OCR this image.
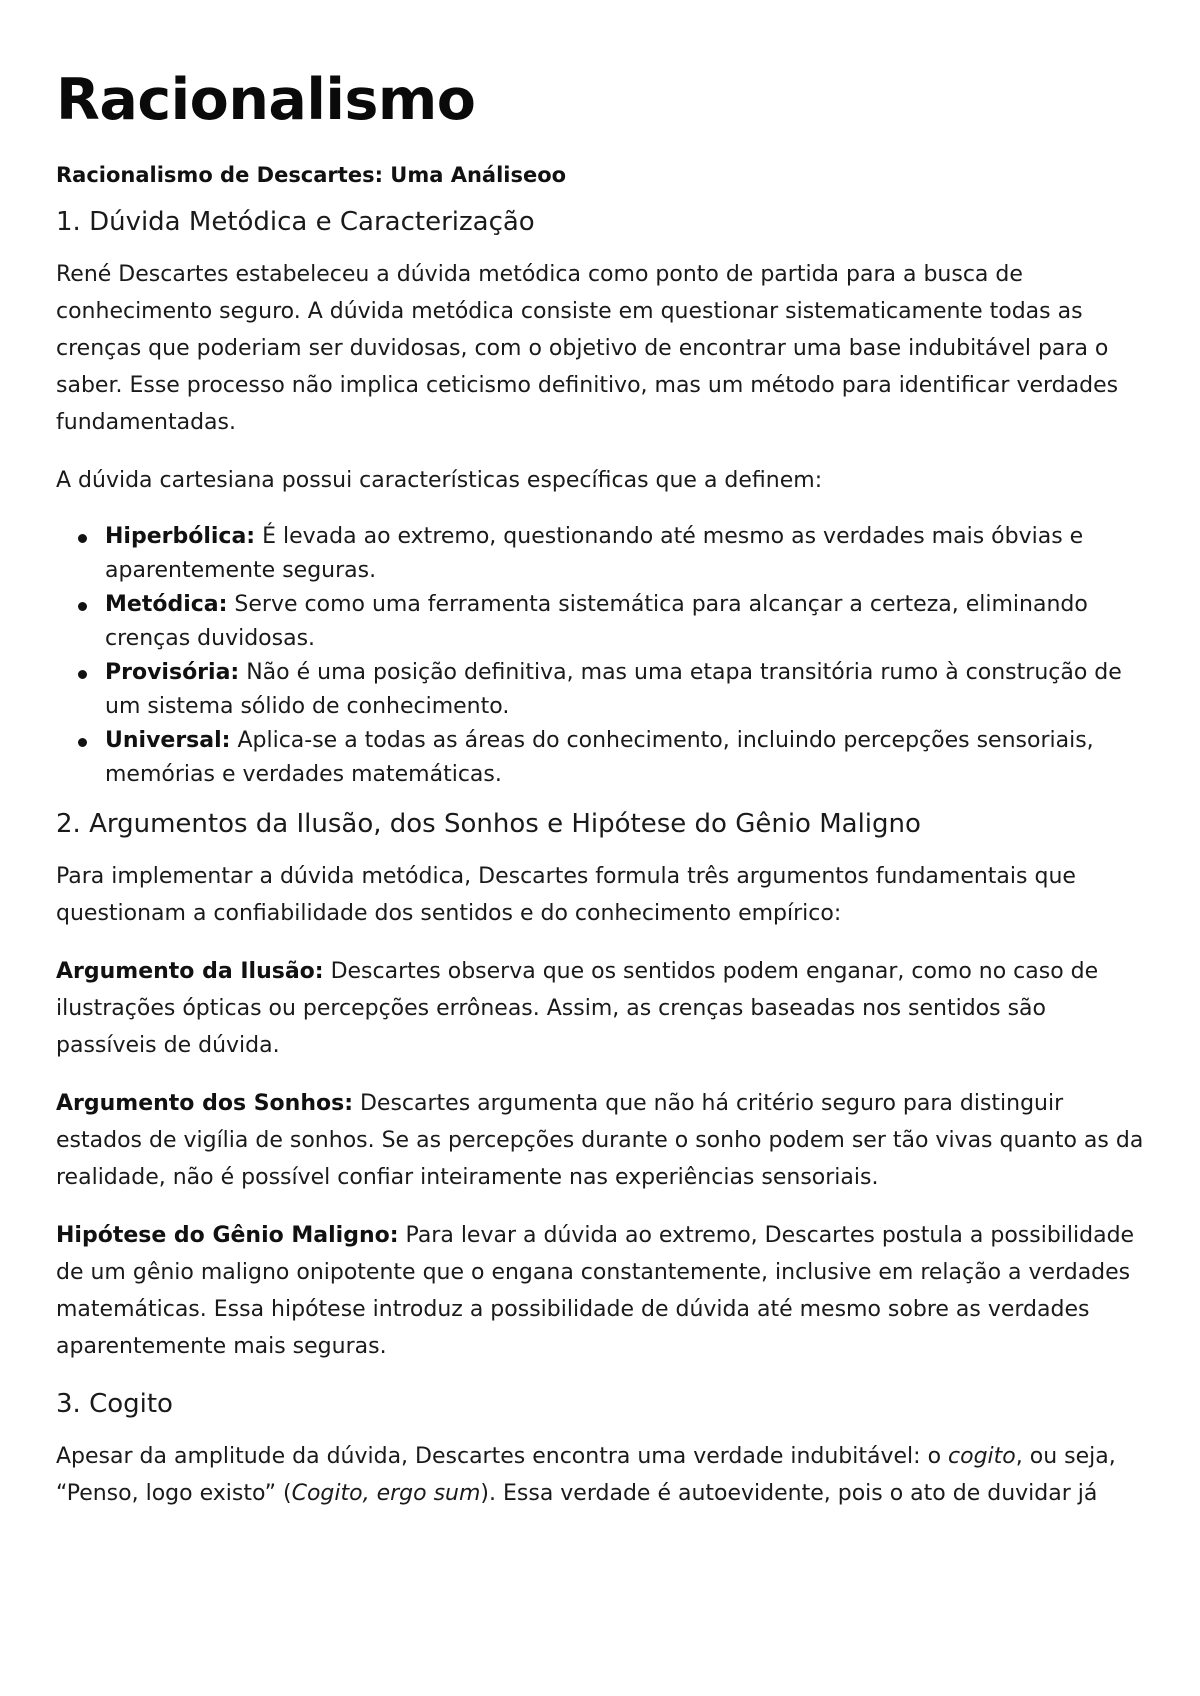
Racionalismo
Racionalismo de Descartes: Uma Análiseoo
1. Dúvida Metódica e Caracterização

René Descartes estabeleceu a dúvida metódica como ponto de partida para a busca de conhecimento seguro. A dúvida metódica consiste em questionar sistematicamente todas as crenças que poderiam ser duvidosas, com o objetivo de encontrar uma base indubitável para o saber. Esse processo não implica ceticismo definitivo, mas um método para identificar verdades fundamentadas.

A dúvida cartesiana possui características específicas que a definem:

Hiperbólica: É levada ao extremo, questionando até mesmo as verdades mais óbvias e aparentemente seguras.
Metódica: Serve como uma ferramenta sistemática para alcançar a certeza, eliminando crenças duvidosas.
Provisória: Não é uma posição definitiva, mas uma etapa transitória rumo à construção de um sistema sólido de conhecimento.
Universal: Aplica-se a todas as áreas do conhecimento, incluindo percepções sensoriais, memórias e verdades matemáticas.
2. Argumentos da Ilusão, dos Sonhos e Hipótese do Gênio Maligno

Para implementar a dúvida metódica, Descartes formula três argumentos fundamentais que questionam a confiabilidade dos sentidos e do conhecimento empírico:

Argumento da Ilusão: Descartes observa que os sentidos podem enganar, como no caso de ilustrações ópticas ou percepções errôneas. Assim, as crenças baseadas nos sentidos são passíveis de dúvida.

Argumento dos Sonhos: Descartes argumenta que não há critério seguro para distinguir estados de vigília de sonhos. Se as percepções durante o sonho podem ser tão vivas quanto as da realidade, não é possível confiar inteiramente nas experiências sensoriais.

Hipótese do Gênio Maligno: Para levar a dúvida ao extremo, Descartes postula a possibilidade de um gênio maligno onipotente que o engana constantemente, inclusive em relação a verdades matemáticas. Essa hipótese introduz a possibilidade de dúvida até mesmo sobre as verdades aparentemente mais seguras.

3. Cogito

Apesar da amplitude da dúvida, Descartes encontra uma verdade indubitável: o cogito, ou seja, “Penso, logo existo” (Cogito, ergo sum). Essa verdade é autoevidente, pois o ato de duvidar já
